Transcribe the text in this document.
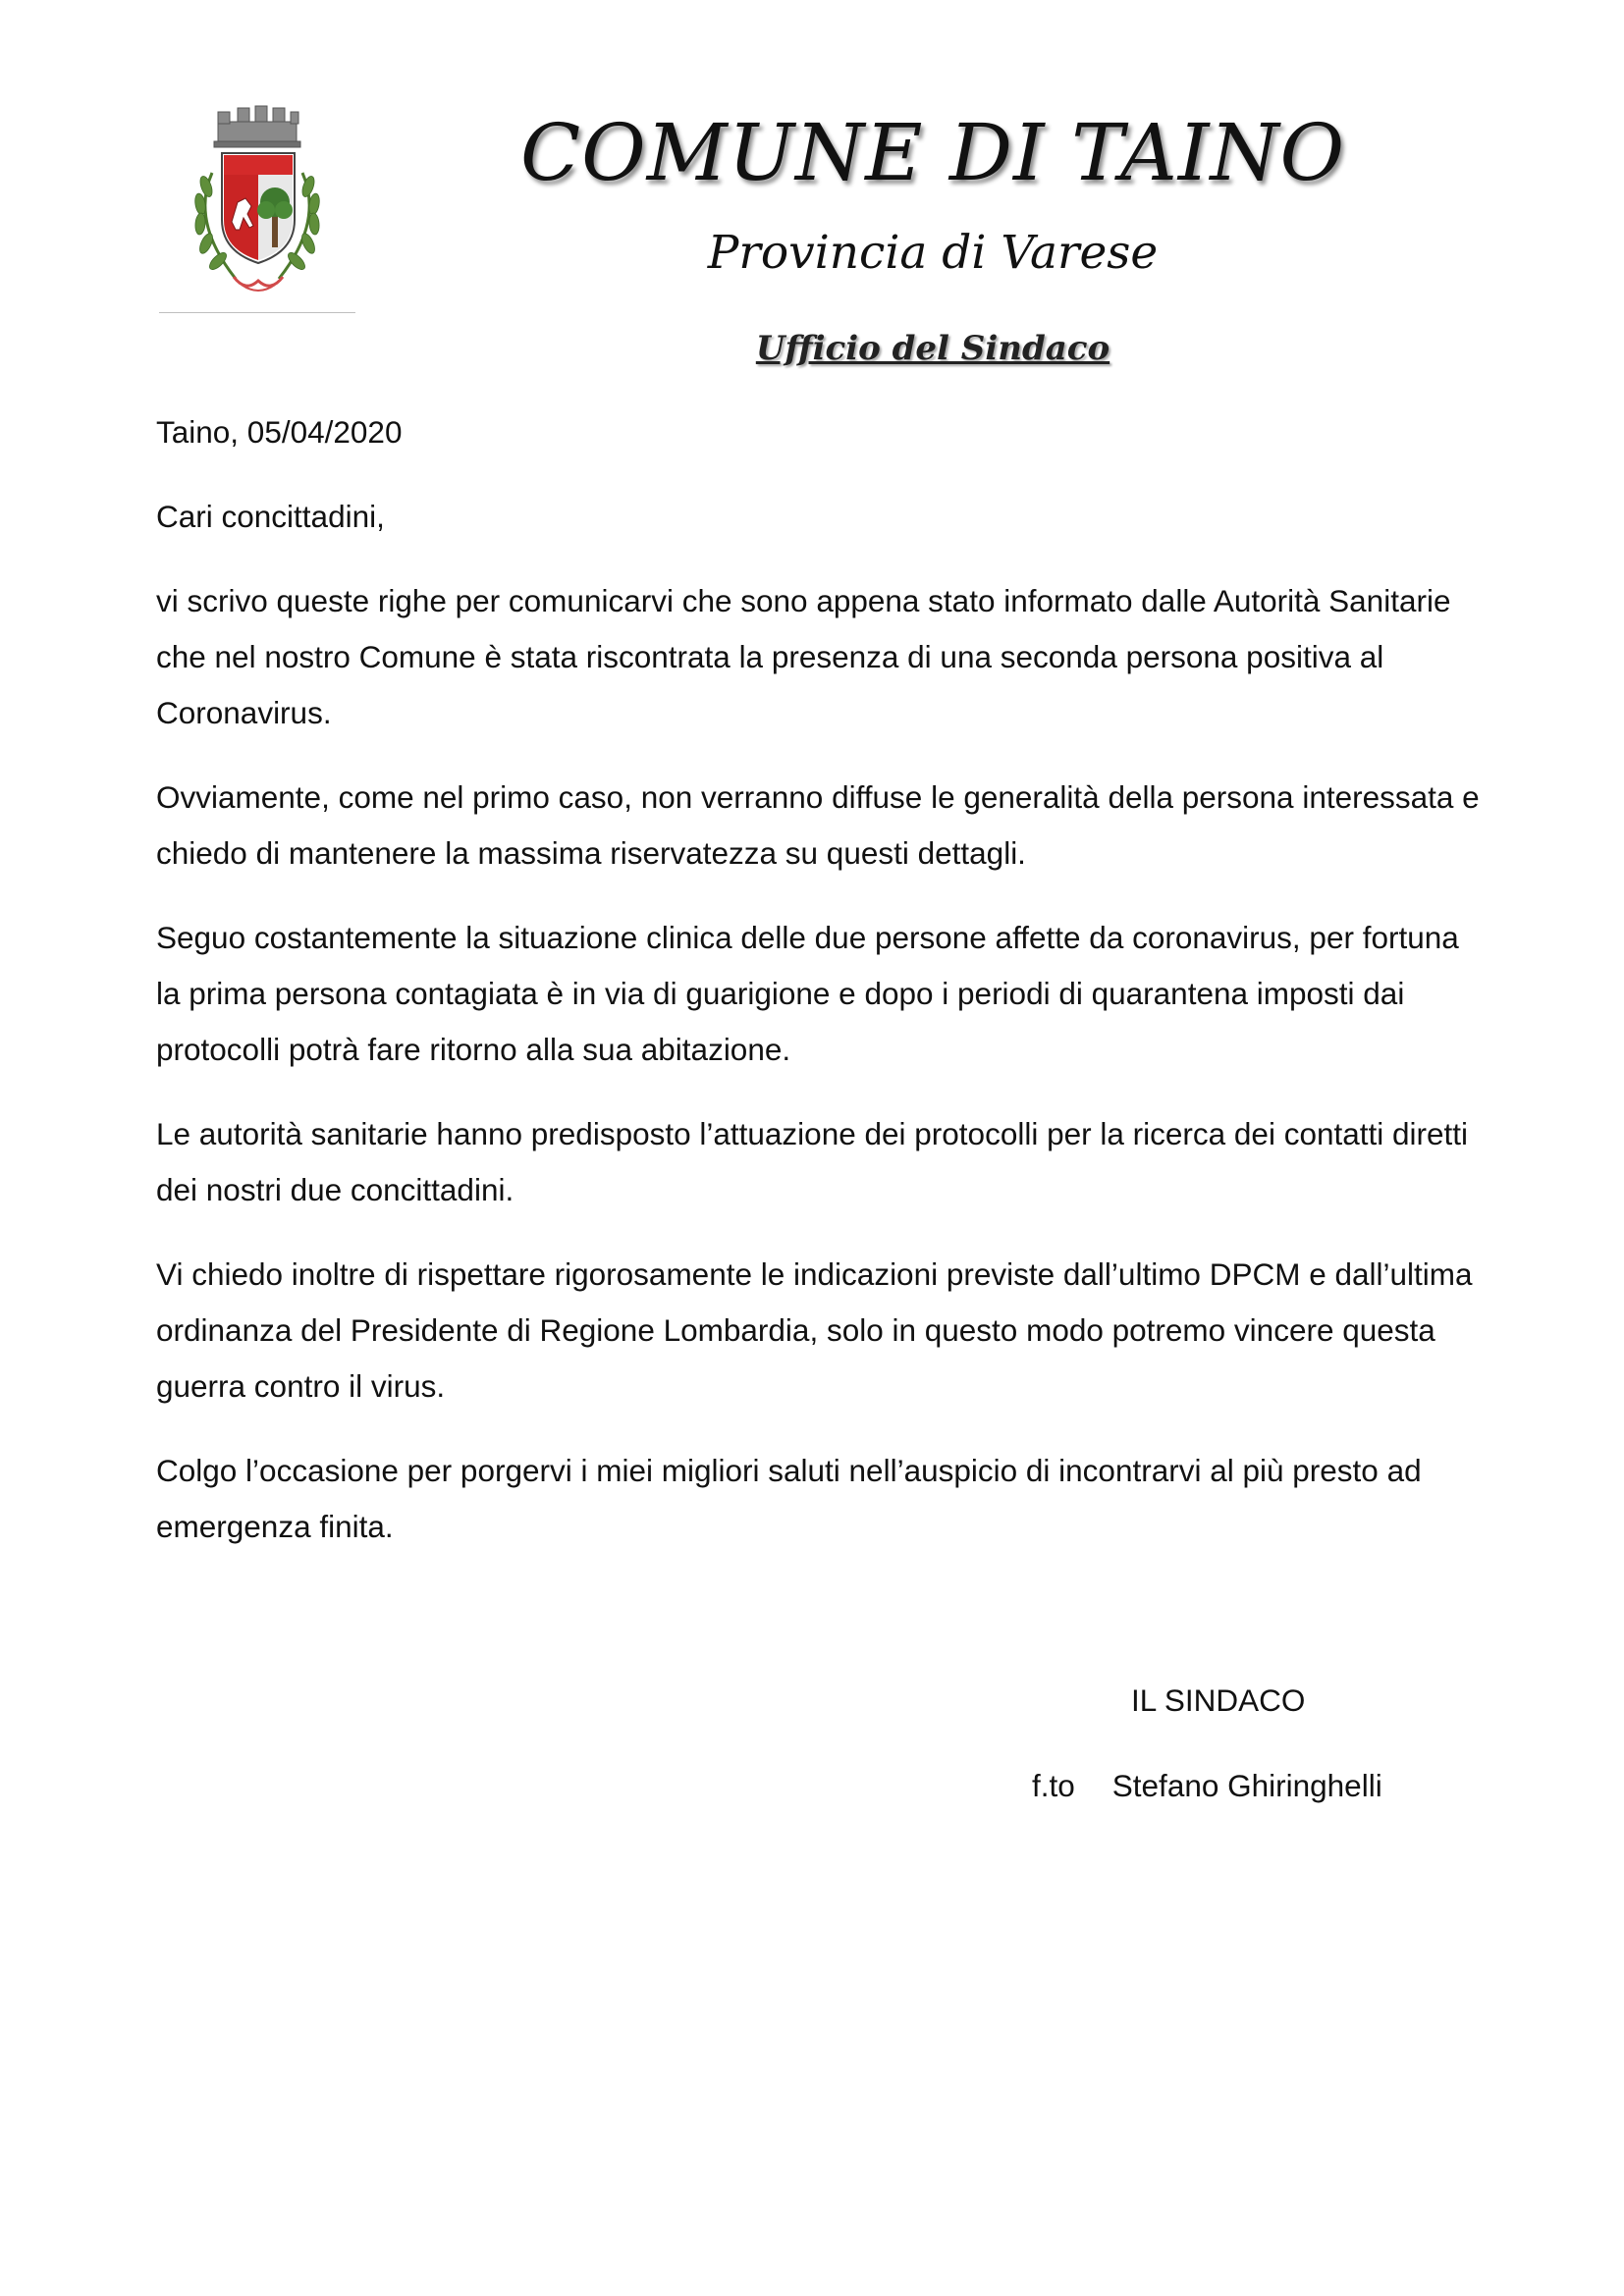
COMUNE DI TAINO
Provincia di Varese
Ufficio del Sindaco

Taino, 05/04/2020

Cari concittadini,

vi scrivo queste righe per comunicarvi che sono appena stato informato dalle Autorità Sanitarie che nel nostro Comune è stata riscontrata la presenza di una seconda persona positiva al Coronavirus.

Ovviamente, come nel primo caso, non verranno diffuse le generalità della persona interessata e chiedo di mantenere la massima riservatezza su questi dettagli.

Seguo costantemente la situazione clinica delle due persone affette da coronavirus, per fortuna la prima persona contagiata è in via di guarigione e dopo i periodi di quarantena imposti dai protocolli potrà fare ritorno alla sua abitazione.

Le autorità sanitarie hanno predisposto l’attuazione dei protocolli per la ricerca dei contatti diretti dei nostri due concittadini.

Vi chiedo inoltre di rispettare rigorosamente le indicazioni previste dall’ultimo DPCM e dall’ultima ordinanza del Presidente di Regione Lombardia, solo in questo modo potremo vincere questa guerra contro il virus.

Colgo l’occasione per porgervi i miei migliori saluti nell’auspicio di incontrarvi al più presto ad emergenza finita.

IL SINDACO
f.to Stefano Ghiringhelli
